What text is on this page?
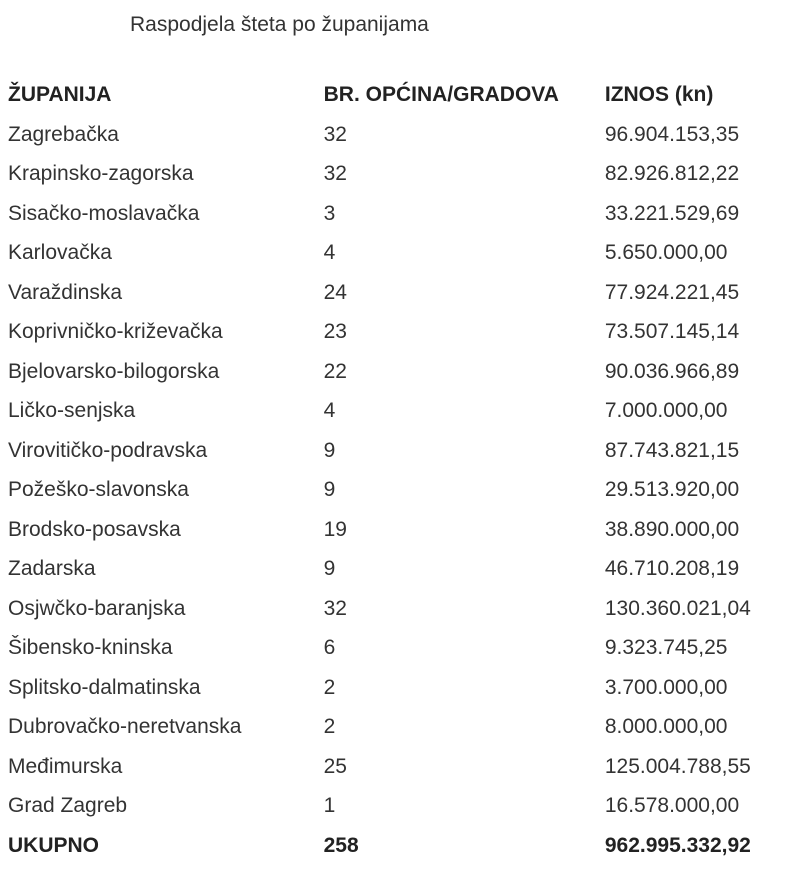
Raspodjela šteta po županijama
ŽUPANIJA	BR. OPĆINA/GRADOVA	IZNOS (kn)
Zagrebačka	32	96.904.153,35
Krapinsko-zagorska	32	82.926.812,22
Sisačko-moslavačka	3	33.221.529,69
Karlovačka	4	5.650.000,00
Varaždinska	24	77.924.221,45
Koprivničko-križevačka	23	73.507.145,14
Bjelovarsko-bilogorska	22	90.036.966,89
Ličko-senjska	4	7.000.000,00
Virovitičko-podravska	9	87.743.821,15
Požeško-slavonska	9	29.513.920,00
Brodsko-posavska	19	38.890.000,00
Zadarska	9	46.710.208,19
Osjwčko-baranjska	32	130.360.021,04
Šibensko-kninska	6	9.323.745,25
Splitsko-dalmatinska	2	3.700.000,00
Dubrovačko-neretvanska	2	8.000.000,00
Međimurska	25	125.004.788,55
Grad Zagreb	1	16.578.000,00
UKUPNO	258	962.995.332,92
